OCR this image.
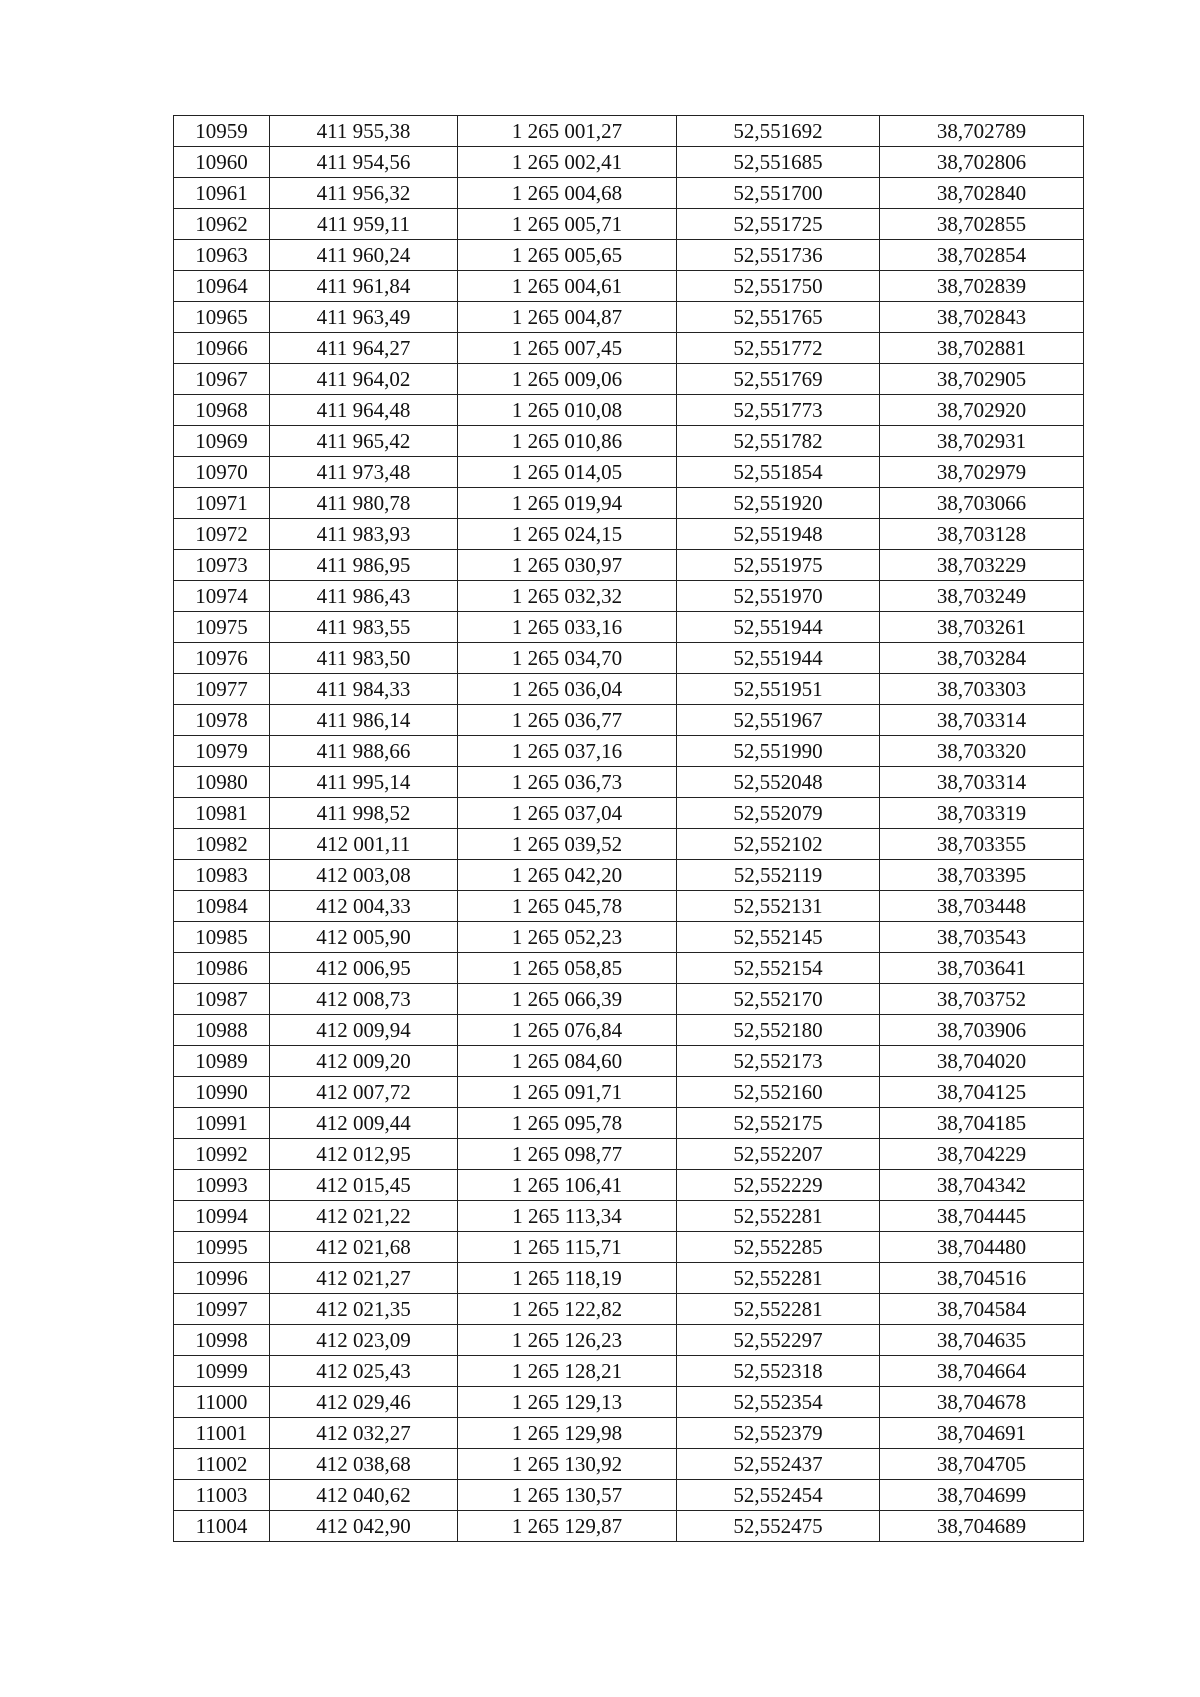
10959	411 955,38	1 265 001,27	52,551692	38,702789
10960	411 954,56	1 265 002,41	52,551685	38,702806
10961	411 956,32	1 265 004,68	52,551700	38,702840
10962	411 959,11	1 265 005,71	52,551725	38,702855
10963	411 960,24	1 265 005,65	52,551736	38,702854
10964	411 961,84	1 265 004,61	52,551750	38,702839
10965	411 963,49	1 265 004,87	52,551765	38,702843
10966	411 964,27	1 265 007,45	52,551772	38,702881
10967	411 964,02	1 265 009,06	52,551769	38,702905
10968	411 964,48	1 265 010,08	52,551773	38,702920
10969	411 965,42	1 265 010,86	52,551782	38,702931
10970	411 973,48	1 265 014,05	52,551854	38,702979
10971	411 980,78	1 265 019,94	52,551920	38,703066
10972	411 983,93	1 265 024,15	52,551948	38,703128
10973	411 986,95	1 265 030,97	52,551975	38,703229
10974	411 986,43	1 265 032,32	52,551970	38,703249
10975	411 983,55	1 265 033,16	52,551944	38,703261
10976	411 983,50	1 265 034,70	52,551944	38,703284
10977	411 984,33	1 265 036,04	52,551951	38,703303
10978	411 986,14	1 265 036,77	52,551967	38,703314
10979	411 988,66	1 265 037,16	52,551990	38,703320
10980	411 995,14	1 265 036,73	52,552048	38,703314
10981	411 998,52	1 265 037,04	52,552079	38,703319
10982	412 001,11	1 265 039,52	52,552102	38,703355
10983	412 003,08	1 265 042,20	52,552119	38,703395
10984	412 004,33	1 265 045,78	52,552131	38,703448
10985	412 005,90	1 265 052,23	52,552145	38,703543
10986	412 006,95	1 265 058,85	52,552154	38,703641
10987	412 008,73	1 265 066,39	52,552170	38,703752
10988	412 009,94	1 265 076,84	52,552180	38,703906
10989	412 009,20	1 265 084,60	52,552173	38,704020
10990	412 007,72	1 265 091,71	52,552160	38,704125
10991	412 009,44	1 265 095,78	52,552175	38,704185
10992	412 012,95	1 265 098,77	52,552207	38,704229
10993	412 015,45	1 265 106,41	52,552229	38,704342
10994	412 021,22	1 265 113,34	52,552281	38,704445
10995	412 021,68	1 265 115,71	52,552285	38,704480
10996	412 021,27	1 265 118,19	52,552281	38,704516
10997	412 021,35	1 265 122,82	52,552281	38,704584
10998	412 023,09	1 265 126,23	52,552297	38,704635
10999	412 025,43	1 265 128,21	52,552318	38,704664
11000	412 029,46	1 265 129,13	52,552354	38,704678
11001	412 032,27	1 265 129,98	52,552379	38,704691
11002	412 038,68	1 265 130,92	52,552437	38,704705
11003	412 040,62	1 265 130,57	52,552454	38,704699
11004	412 042,90	1 265 129,87	52,552475	38,704689
